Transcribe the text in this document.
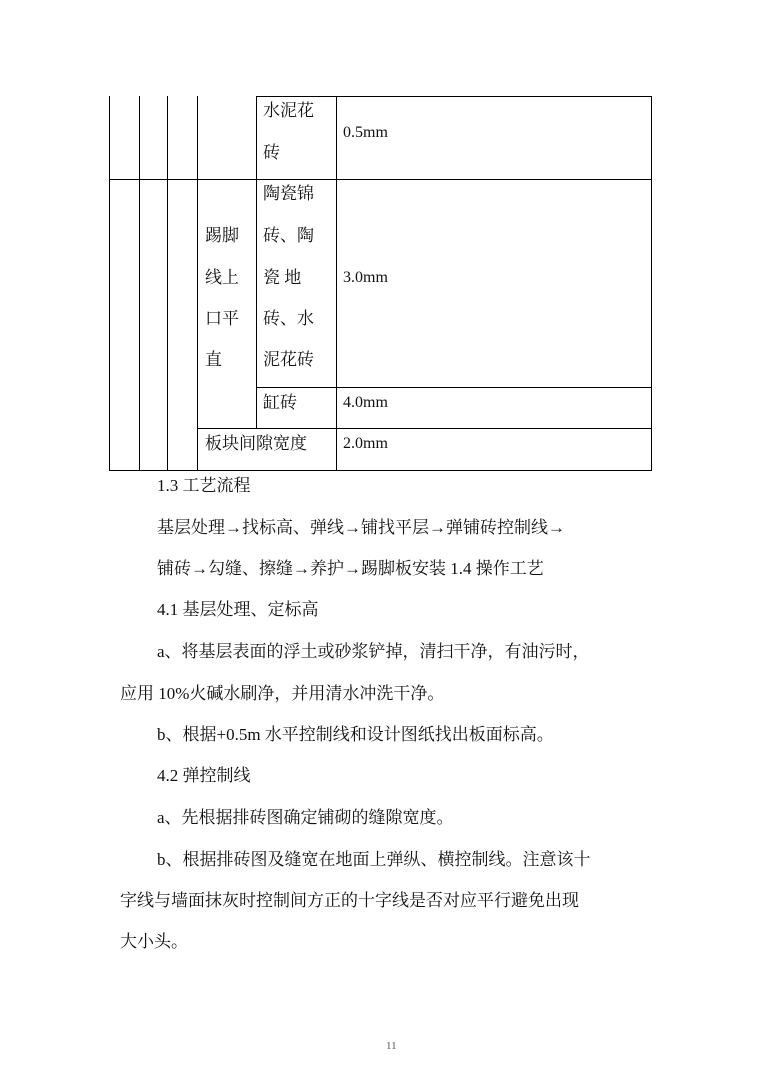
水泥花
砖
0.5mm
踢脚
线上
口平
直
陶瓷锦
砖、陶
瓷 地
砖、水
泥花砖
3.0mm
缸砖	4.0mm
板块间隙宽度 2.0mm
1.3 工艺流程
基层处理→找标高、弹线→铺找平层→弹铺砖控制线→
铺砖→勾缝、擦缝→养护→踢脚板安装 1.4 操作工艺
4.1 基层处理、定标高
a、将基层表面的浮土或砂浆铲掉，清扫干净，有油污时，
应用 10%火碱水刷净，并用清水冲洗干净。
b、根据+0.5m 水平控制线和设计图纸找出板面标高。
4.2 弹控制线
a、先根据排砖图确定铺砌的缝隙宽度。
b、根据排砖图及缝宽在地面上弹纵、横控制线。注意该十
字线与墙面抹灰时控制间方正的十字线是否对应平行避免出现
大小头。
11
